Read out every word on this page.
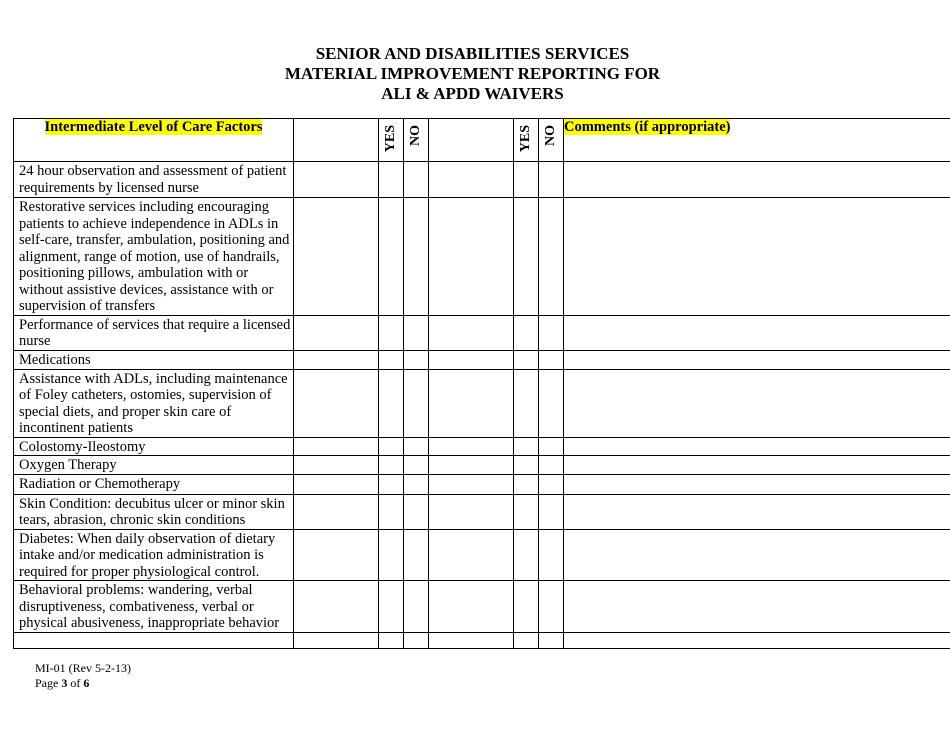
SENIOR AND DISABILITIES SERVICES
MATERIAL IMPROVEMENT REPORTING FOR
ALI & APDD WAIVERS
Intermediate Level of Care Factors		YES	NO		YES	NO	Comments (if appropriate)
24 hour observation and assessment of patient requirements by licensed nurse							
Restorative services including encouraging patients to achieve independence in ADLs in self-care, transfer, ambulation, positioning and alignment, range of motion, use of handrails, positioning pillows, ambulation with or without assistive devices, assistance with or supervision of transfers							
Performance of services that require a licensed nurse							
Medications							
Assistance with ADLs, including maintenance of Foley catheters, ostomies, supervision of special diets, and proper skin care of incontinent patients							
Colostomy-Ileostomy							
Oxygen Therapy							
Radiation or Chemotherapy							
Skin Condition: decubitus ulcer or minor skin tears, abrasion, chronic skin conditions							
Diabetes: When daily observation of dietary intake and/or medication administration is required for proper physiological control.							
Behavioral problems: wandering, verbal disruptiveness, combativeness, verbal or physical abusiveness, inappropriate behavior							

MI-01 (Rev 5-2-13)
Page 3 of 6
